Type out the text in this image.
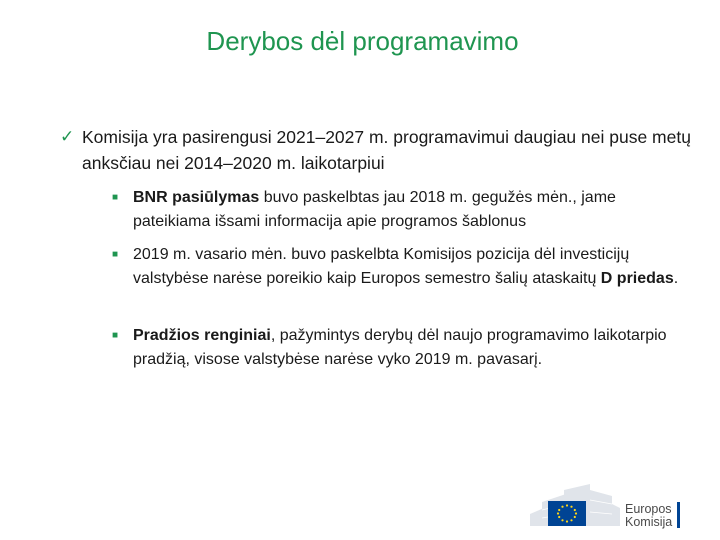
Derybos dėl programavimo
✓ Komisija yra pasirengusi 2021–2027 m. programavimui daugiau nei puse metų anksčiau nei 2014–2020 m. laikotarpiui
■ BNR pasiūlymas buvo paskelbtas jau 2018 m. gegužės mėn., jame pateikiama išsami informacija apie programos šablonus
■ 2019 m. vasario mėn. buvo paskelbta Komisijos pozicija dėl investicijų valstybėse narėse poreikio kaip Europos semestro šalių ataskaitų D priedas.
■ Pradžios renginiai, pažymintys derybų dėl naujo programavimo laikotarpio pradžią, visose valstybėse narėse vyko 2019 m. pavasarį.
Europos
Komisija
